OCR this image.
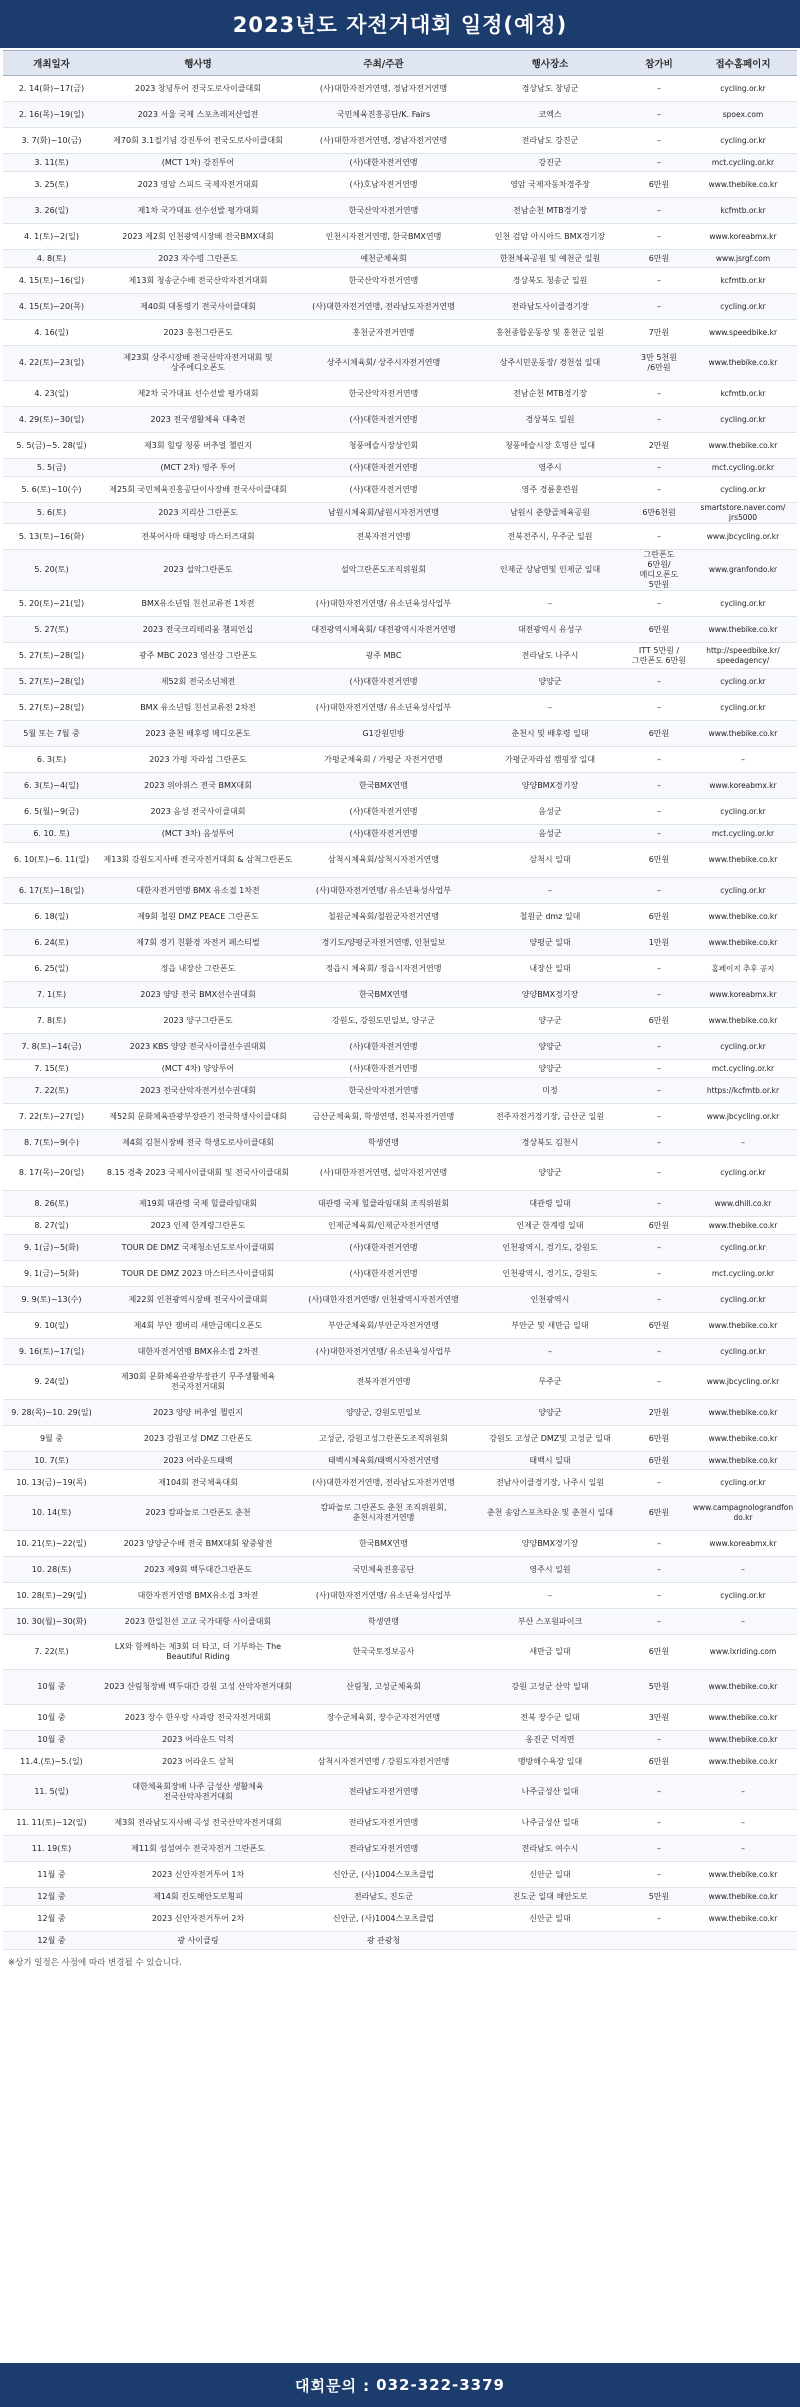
2023년도 자전거대회 일정(예정)
개최일자	행사명	주최/주관	행사장소	참가비	접수홈페이지
2. 14(화)~17(금)	2023 창녕투어 전국도로사이클대회	(사)대한자전거연맹, 경남자전거연맹	경상남도 창녕군	–	cycling.or.kr
2. 16(목)~19(일)	2023 서울 국제 스포츠레저산업전	국민체육진흥공단/K. Fairs	코엑스	–	spoex.com
3. 7(화)~10(금)	제70회 3.1절기념 강진투어 전국도로사이클대회	(사)대한자전거연맹, 경남자전거연맹	전라남도 강진군	–	cycling.or.kr
3. 11(토)	(MCT 1차) 강진투어	(사)대한자전거연맹	강진군	–	mct.cycling.or.kr
3. 25(토)	2023 영암 스피드 국제자전거대회	(사)호남자전거연맹	영암 국제자동차경주장	6만원	www.thebike.co.kr
3. 26(일)	제1차 국가대표 선수선발 평가대회	한국산악자전거연맹	전남순천 MTB경기장	–	kcfmtb.or.kr
4. 1(토)~2(일)	2023 제2회 인천광역시장배 전국BMX대회	인천시자전거연맹, 한국BMX연맹	인천 검암 아시아드 BMX경기장	–	www.koreabmx.kr
4. 8(토)	2023 자수령 그란폰도	예천군체육회	한천체육공원 및 예천군 일원	6만원	www.jsrgf.com
4. 15(토)~16(일)	제13회 청송군수배 전국산악자전거대회	한국산악자전거연맹	경상북도 청송군 일원	–	kcfmtb.or.kr
4. 15(토)~20(목)	제40회 대통령기 전국사이클대회	(사)대한자전거연맹, 전라남도자전거연맹	전라남도사이클경기장	–	cycling.or.kr
4. 16(일)	2023 홍천그란폰도	홍천군자전거연맹	홍천종합운동장 및 홍천군 일원	7만원	www.speedbike.kr
4. 22(토)~23(일)	제23회 상주시장배 전국산악자전거대회 및 상주에디오폰도	상주시체육회/ 상주시자전거연맹	상주시민운동장/ 경천섬 일대	3만 5천원 /6만원	www.thebike.co.kr
4. 23(일)	제2차 국가대표 선수선발 평가대회	한국산악자전거연맹	전남순천 MTB경기장	–	kcfmtb.or.kr
4. 29(토)~30(일)	2023 전국생활체육 대축전	(사)대한자전거연맹	경상북도 일원	–	cycling.or.kr
5. 5(금)~5. 28(일)	제3회 힐링 청풍 버추얼 챌린지	청풍에슬시장상인회	청풍에슬시장 호명산 일대	2만원	www.thebike.co.kr
5. 5(금)	(MCT 2차) 영주 투어	(사)대한자전거연맹	영주시	–	mct.cycling.or.kr
5. 6(토)~10(수)	제25회 국민체육진흥공단이사장배 전국사이클대회	(사)대한자전거연맹	영주 경륜훈련원	–	cycling.or.kr
5. 6(토)	2023 지리산 그란폰도	남원시체육회/남원시자전거연맹	남원시 춘향골체육공원	6만6천원	smartstore.naver.com/ jrs5000
5. 13(토)~16(화)	전북어사마 태평양 마스터즈대회	전북자전거연맹	전북전주시, 무주군 일원	–	www.jbcycling.or.kr
5. 20(토)	2023 설악그란폰도	설악그란폰도조직위원회	인제군 상남면및 인제군 일대	그란폰도 6만원/ 메디오폰도 5만원	www.granfondo.kr
5. 20(토)~21(일)	BMX유소년팀 친선교류전 1차전	(사)대한자전거연맹/ 유소년육성사업부	–	–	cycling.or.kr
5. 27(토)	2023 전국크리테리움 챔피언십	대전광역시체육회/ 대전광역시자전거연맹	대전광역시 유성구	6만원	www.thebike.co.kr
5. 27(토)~28(일)	광주 MBC 2023 영산강 그란폰도	광주 MBC	전라남도 나주시	ITT 5만원 / 그란폰도 6만원	http://speedbike.kr/ speedagency/
5. 27(토)~28(일)	제52회 전국소년체전	(사)대한자전거연맹	양양군	–	cycling.or.kr
5. 27(토)~28(일)	BMX 유소년팀 친선교류전 2차전	(사)대한자전거연맹/ 유소년육성사업부	–	–	cycling.or.kr
5월 또는 7월 중	2023 춘천 배후령 메디오폰도	G1강원민방	춘천시 및 배후령 일대	6만원	www.thebike.co.kr
6. 3(토)	2023 가평 자라섬 그란폰도	가평군체육회 / 가평군 자전거연맹	가평군자라섬 캠핑장 일대	–	–
6. 3(토)~4(일)	2023 위아위스 전국 BMX대회	한국BMX연맹	양양BMX경기장	–	www.koreabmx.kr
6. 5(월)~9(금)	2023 음성 전국사이클대회	(사)대한자전거연맹	음성군	–	cycling.or.kr
6. 10. 토)	(MCT 3차) 음성투어	(사)대한자전거연맹	음성군	–	mct.cycling.or.kr
6. 10(토)~6. 11(일)	제13회 강원도지사배 전국자전거대회 & 삼척그란폰도	삼척시체육회/삼척시자전거연맹	삼척시 일대	6만원	www.thebike.co.kr
6. 17(토)~18(일)	대한자전거연맹 BMX 유소접 1차전	(사)대한자전거연맹/ 유소년육성사업부	–	–	cycling.or.kr
6. 18(일)	제9회 철원 DMZ PEACE 그란폰도	철원군체육회/철원군자전거연맹	철원군 dmz 일대	6만원	www.thebike.co.kr
6. 24(토)	제7회 경기 친환경 자전거 페스티벌	경기도/양평군자전거연맹, 인천일보	양평군 일대	1만원	www.thebike.co.kr
6. 25(일)	정읍 내장산 그란폰도	정읍시 체육회/ 정읍시자전거연맹	내장산 일대	–	홈페이지 추후 공지
7. 1(토)	2023 양양 전국 BMX선수권대회	한국BMX연맹	양양BMX경기장	–	www.koreabmx.kr
7. 8(토)	2023 양구그란폰도	강원도, 강원도민일보, 양구군	양구군	6만원	www.thebike.co.kr
7. 8(토)~14(금)	2023 KBS 양양 전국사이클선수권대회	(사)대한자전거연맹	양양군	–	cycling.or.kr
7. 15(토)	(MCT 4차) 양양투어	(사)대한자전거연맹	양양군	–	mct.cycling.or.kr
7. 22(토)	2023 전국산악자전거선수권대회	한국산악자전거연맹	미정	–	https://kcfmtb.or.kr
7. 22(토)~27(일)	제52회 문화체육관광부장관기 전국학생사이클대회	금산군체육회, 학생연맹, 전북자전거연맹	전주자전거경기장, 금산군 일원	–	www.jbcycling.or.kr
8. 7(토)~9(수)	제4회 김천시장배 전국 학생도로사이클대회	학생연맹	경상북도 김천시	–	–
8. 17(목)~20(일)	8.15 경축 2023 국제사이클대회 및 전국사이클대회	(사)대한자전거연맹, 설악자전거연맹	양양군	–	cycling.or.kr
8. 26(토)	제19회 대관령 국제 힐클라임대회	대관령 국제 힐클라임대회 조직위원회	대관령 일대	–	www.dhill.co.kr
8. 27(일)	2023 인제 한계령그란폰도	인제군체육회/인제군자전거연맹	인제군 한계령 일대	6만원	www.thebike.co.kr
9. 1(금)~5(화)	TOUR DE DMZ 국제청소년도로사이클대회	(사)대한자전거연맹	인천광역시, 경기도, 강원도	–	cycling.or.kr
9. 1(금)~5(화)	TOUR DE DMZ 2023 마스터즈사이클대회	(사)대한자전거연맹	인천광역시, 경기도, 강원도	–	mct.cycling.or.kr
9. 9(토)~13(수)	제22회 인천광역시장배 전국사이클대회	(사)대한자전거연맹/ 인천광역시자전거연맹	인천광역시	–	cycling.or.kr
9. 10(일)	제4회 부안 잼버리 새만금메디오폰도	부안군체육회/부안군자전거연맹	부안군 및 새만금 일대	6만원	www.thebike.co.kr
9. 16(토)~17(일)	대한자전거연맹 BMX유소접 2차전	(사)대한자전거연맹/ 유소년육성사업부	–	–	cycling.or.kr
9. 24(일)	제30회 문화체육관광부장관기 무주생활체육 전국자전거대회	전북자전거연맹	무주군	–	www.jbcycling.or.kr
9. 28(목)~10. 29(일)	2023 양양 버추얼 챌린지	양양군, 강원도민일보	양양군	2만원	www.thebike.co.kr
9월 중	2023 강원고성 DMZ 그란폰도	고성군, 강원고성그란폰도조직위원회	강원도 고성군 DMZ및 고성군 일대	6만원	www.thebike.co.kr
10. 7(토)	2023 어라운드태백	태백시체육회/태백시자전거연맹	태백시 일대	6만원	www.thebike.co.kr
10. 13(금)~19(목)	제104회 전국체육대회	(사)대한자전거연맹, 전라남도자전거연맹	전남사이클경기장, 나주시 일원	–	cycling.or.kr
10. 14(토)	2023 캄파놀로 그란폰도 춘천	캄파놀로 그란폰도 춘천 조직위원회, 춘천시자전거연맹	춘천 송암스포츠타운 및 춘천시 일대	6만원	www.campagnolograndfondo.kr
10. 21(토)~22(일)	2023 양양군수배 전국 BMX대회 왕중왕전	한국BMX연맹	양양BMX경기장	–	www.koreabmx.kr
10. 28(토)	2023 제9회 백두대간그란폰도	국민체육진흥공단	영주시 일원	–	–
10. 28(토)~29(일)	대한자전거연맹 BMX유소접 3차전	(사)대한자전거연맹/ 유소년육성사업부	–	–	cycling.or.kr
10. 30(월)~30(화)	2023 한일친선 고교 국가대항 사이클대회	학생연맹	부산 스포원파이크	–	–
7. 22(토)	LX와 함께하는 제3회 더 타고, 더 기부하는 The Beautiful Riding	한국국토정보공사	새만금 일대	6만원	www.lxriding.com
10월 중	2023 산림청장배 백두대간 강원 고성 산악자전거대회	산림청, 고성군체육회	강원 고성군 산악 일대	5만원	www.thebike.co.kr
10월 중	2023 장수 한우랑 사과랑 전국자전거대회	장수군체육회, 장수군자전거연맹	전북 장수군 일대	3만원	www.thebike.co.kr
10월 중	2023 어라운드 덕적		옹진군 덕적면	–	www.thebike.co.kr
11.4.(토)~5.(일)	2023 어라운드 삼척	삼척시자전거연맹 / 강원도자전거연맹	맹방해수욕장 일대	6만원	www.thebike.co.kr
11. 5(일)	대한체육회장배 나주 금성산 생활체육 전국산악자전거대회	전라남도자전거연맹	나주금성산 일대	–	–
11. 11(토)~12(일)	제3회 전라남도지사배 곡성 전국산악자전거대회	전라남도자전거연맹	나주금성산 일대	–	–
11. 19(토)	제11회 섬섬여수 전국자전거 그란폰도	전라남도자전거연맹	전라남도 여수시	–	–
11월 중	2023 신안자전거투어 1차	신안군, (사)1004스포츠클럽	신안군 일대	–	www.thebike.co.kr
12월 중	제14회 진도해안도로횡피	전라남도, 진도군	진도군 일대 해안도로	5만원	www.thebike.co.kr
12월 중	2023 신안자전거투어 2차	신안군, (사)1004스포츠클럽	신안군 일대	–	www.thebike.co.kr
12월 중	광 사이클링	광 관광청			
※상기 일정은 사정에 따라 변경될 수 있습니다.
대회문의 : 032-322-3379
